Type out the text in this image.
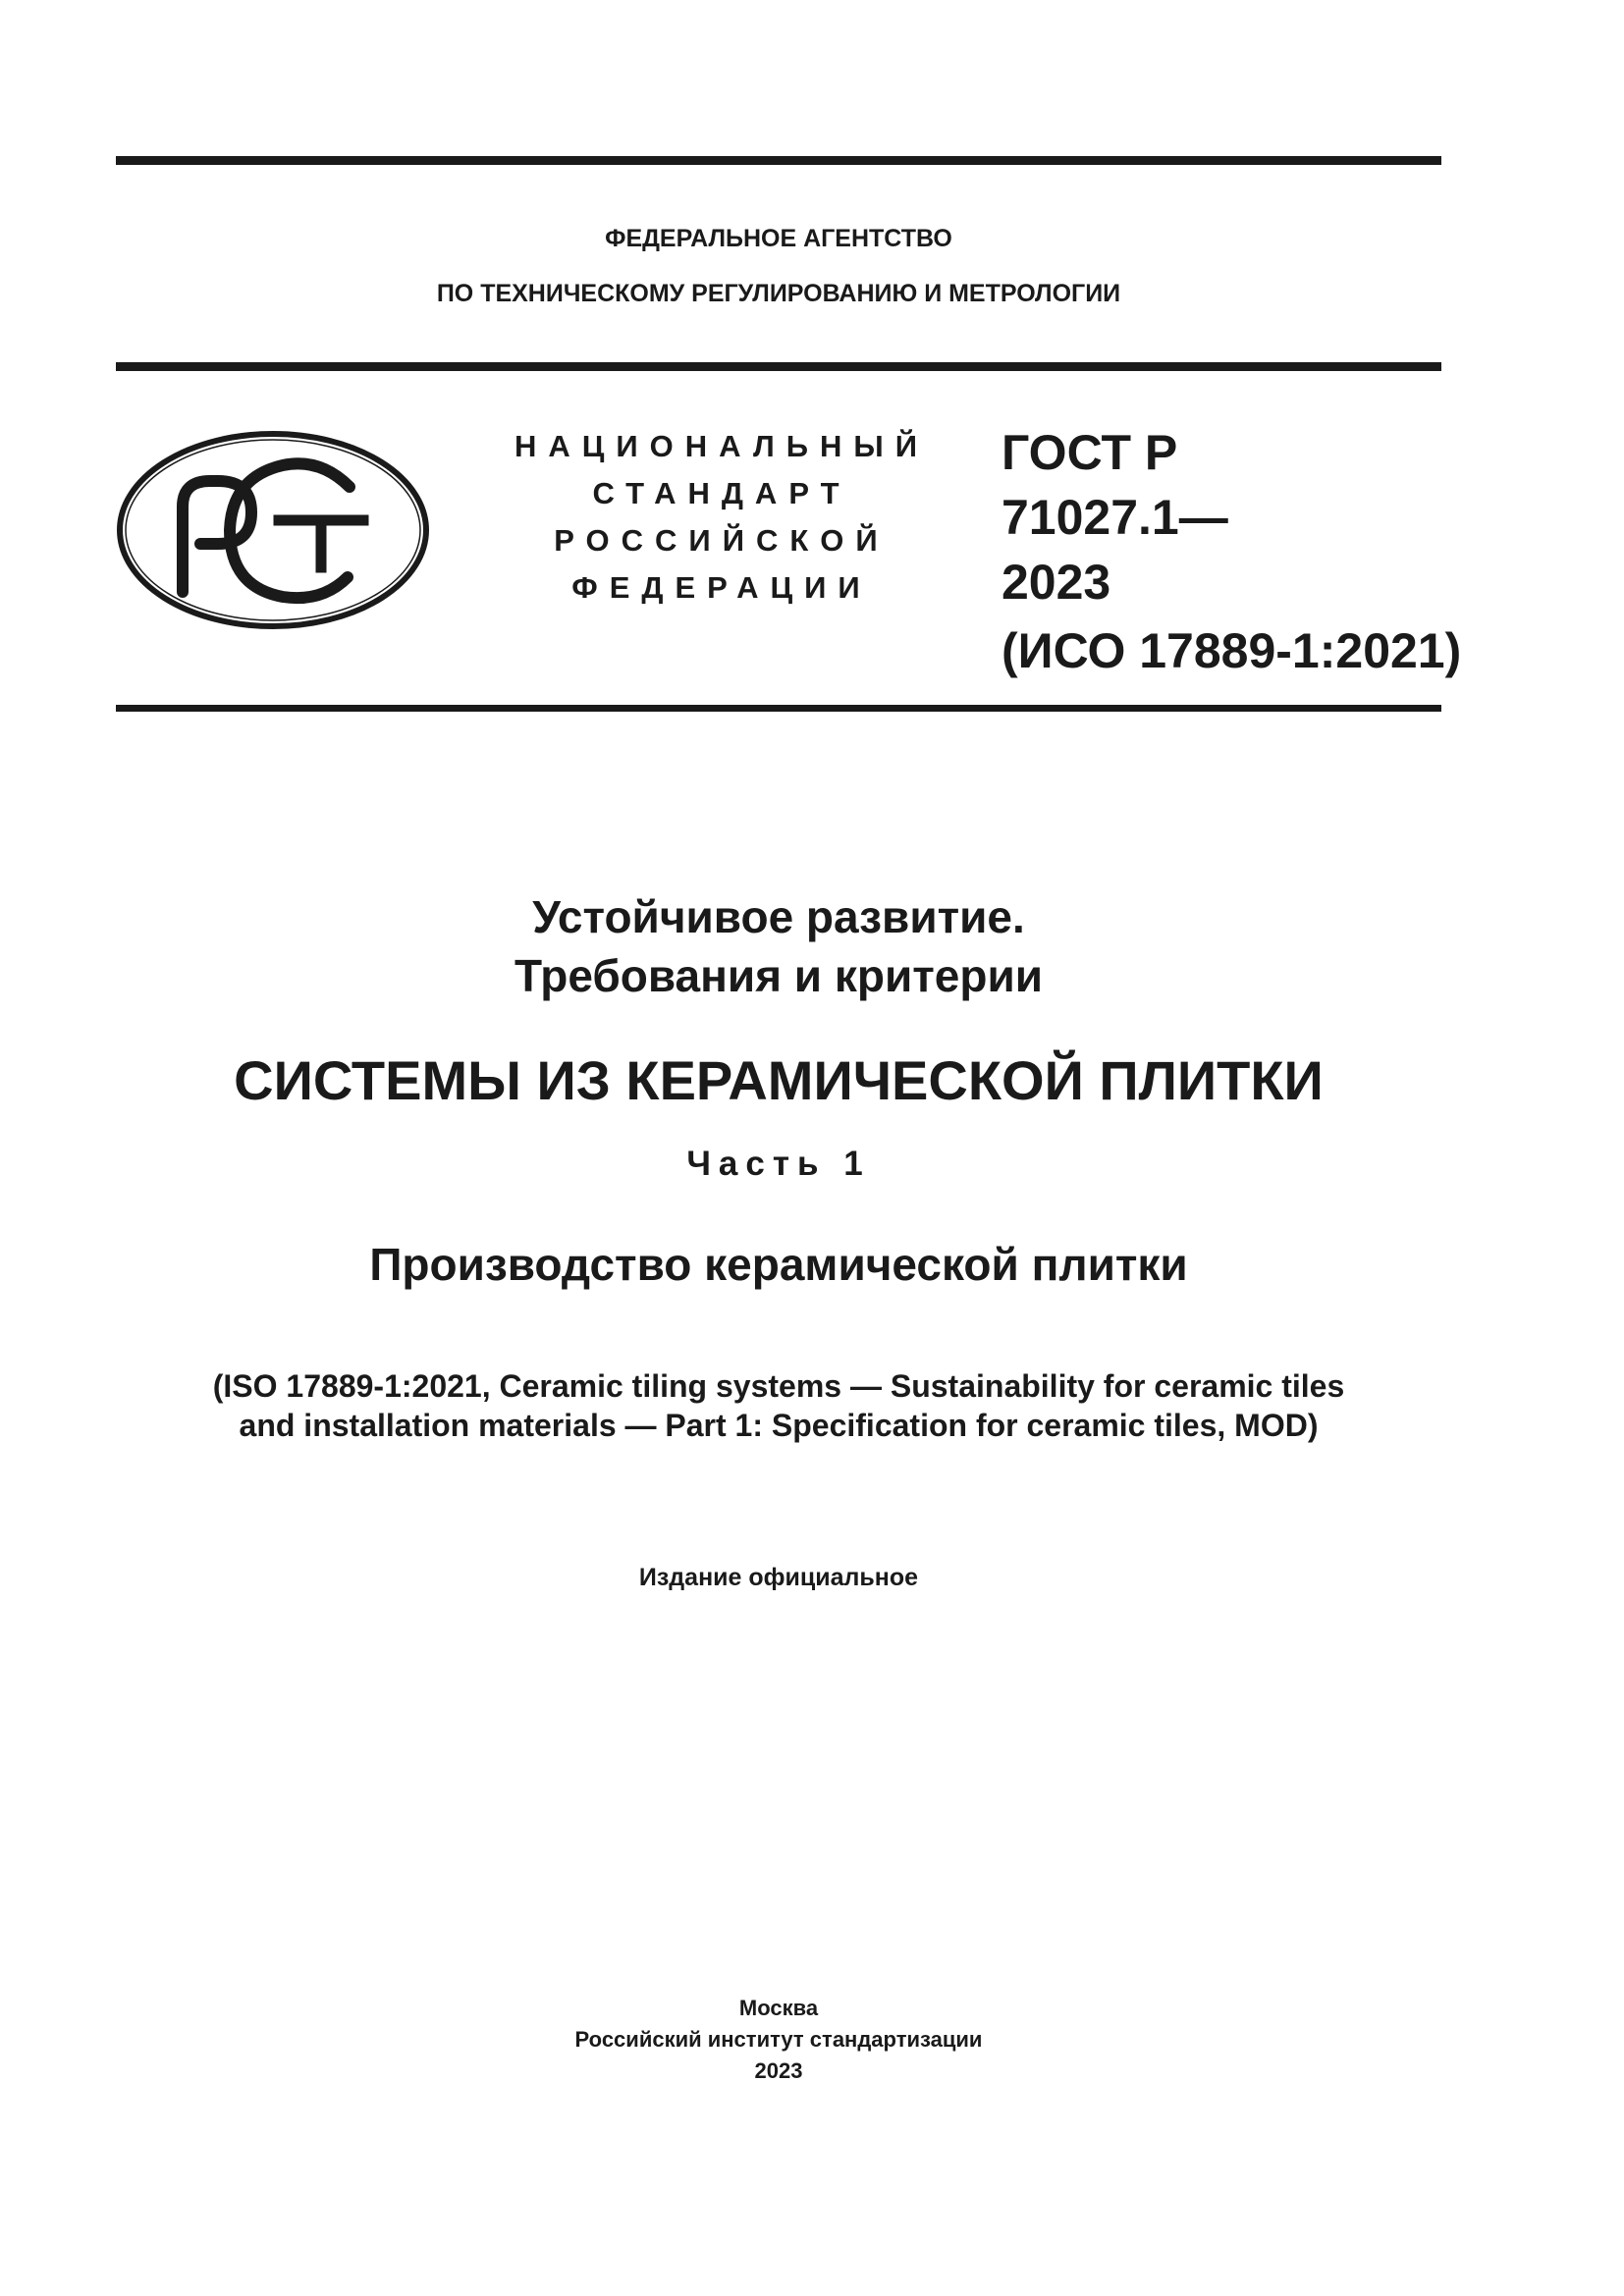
ФЕДЕРАЛЬНОЕ АГЕНТСТВО
ПО ТЕХНИЧЕСКОМУ РЕГУЛИРОВАНИЮ И МЕТРОЛОГИИ
НАЦИОНАЛЬНЫЙ
СТАНДАРТ
РОССИЙСКОЙ
ФЕДЕРАЦИИ
ГОСТ Р
71027.1—
2023
(ИСО 17889-1:2021)
Устойчивое развитие.
Требования и критерии
СИСТЕМЫ ИЗ КЕРАМИЧЕСКОЙ ПЛИТКИ
Часть 1
Производство керамической плитки
(ISO 17889-1:2021, Ceramic tiling systems — Sustainability for ceramic tiles
and installation materials — Part 1: Specification for ceramic tiles, MOD)
Издание официальное
Москва
Российский институт стандартизации
2023
